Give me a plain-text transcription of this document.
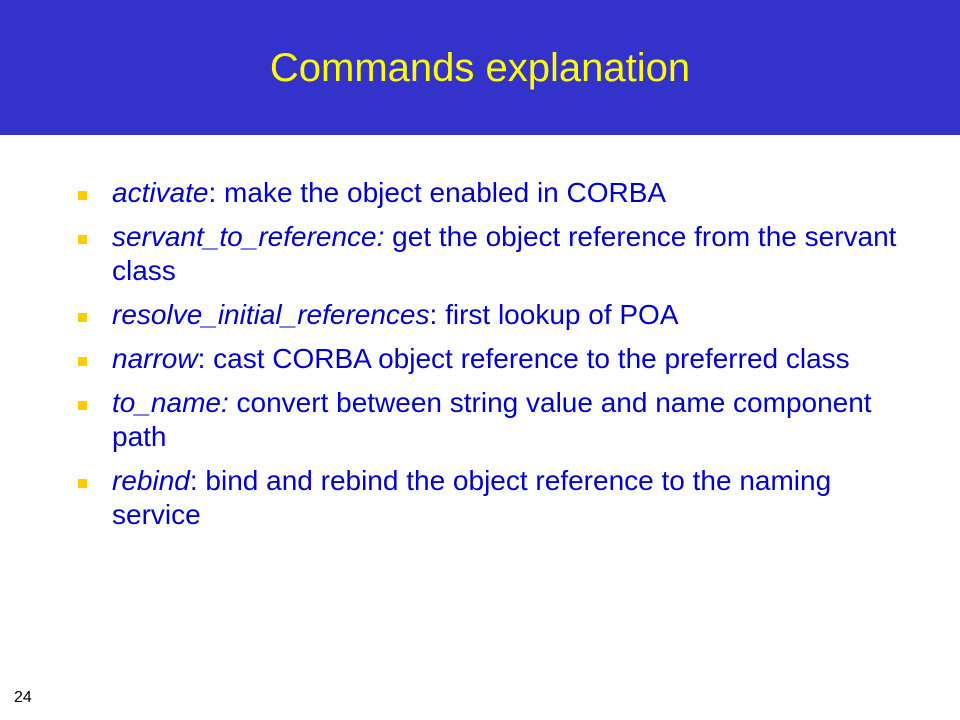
Commands explanation
activate: make the object enabled in CORBA
servant_to_reference: get the object reference from the servant class
resolve_initial_references: first lookup of POA
narrow: cast CORBA object reference to the preferred class
to_name: convert between string value and name component path
rebind: bind and rebind the object reference to the naming service
24
